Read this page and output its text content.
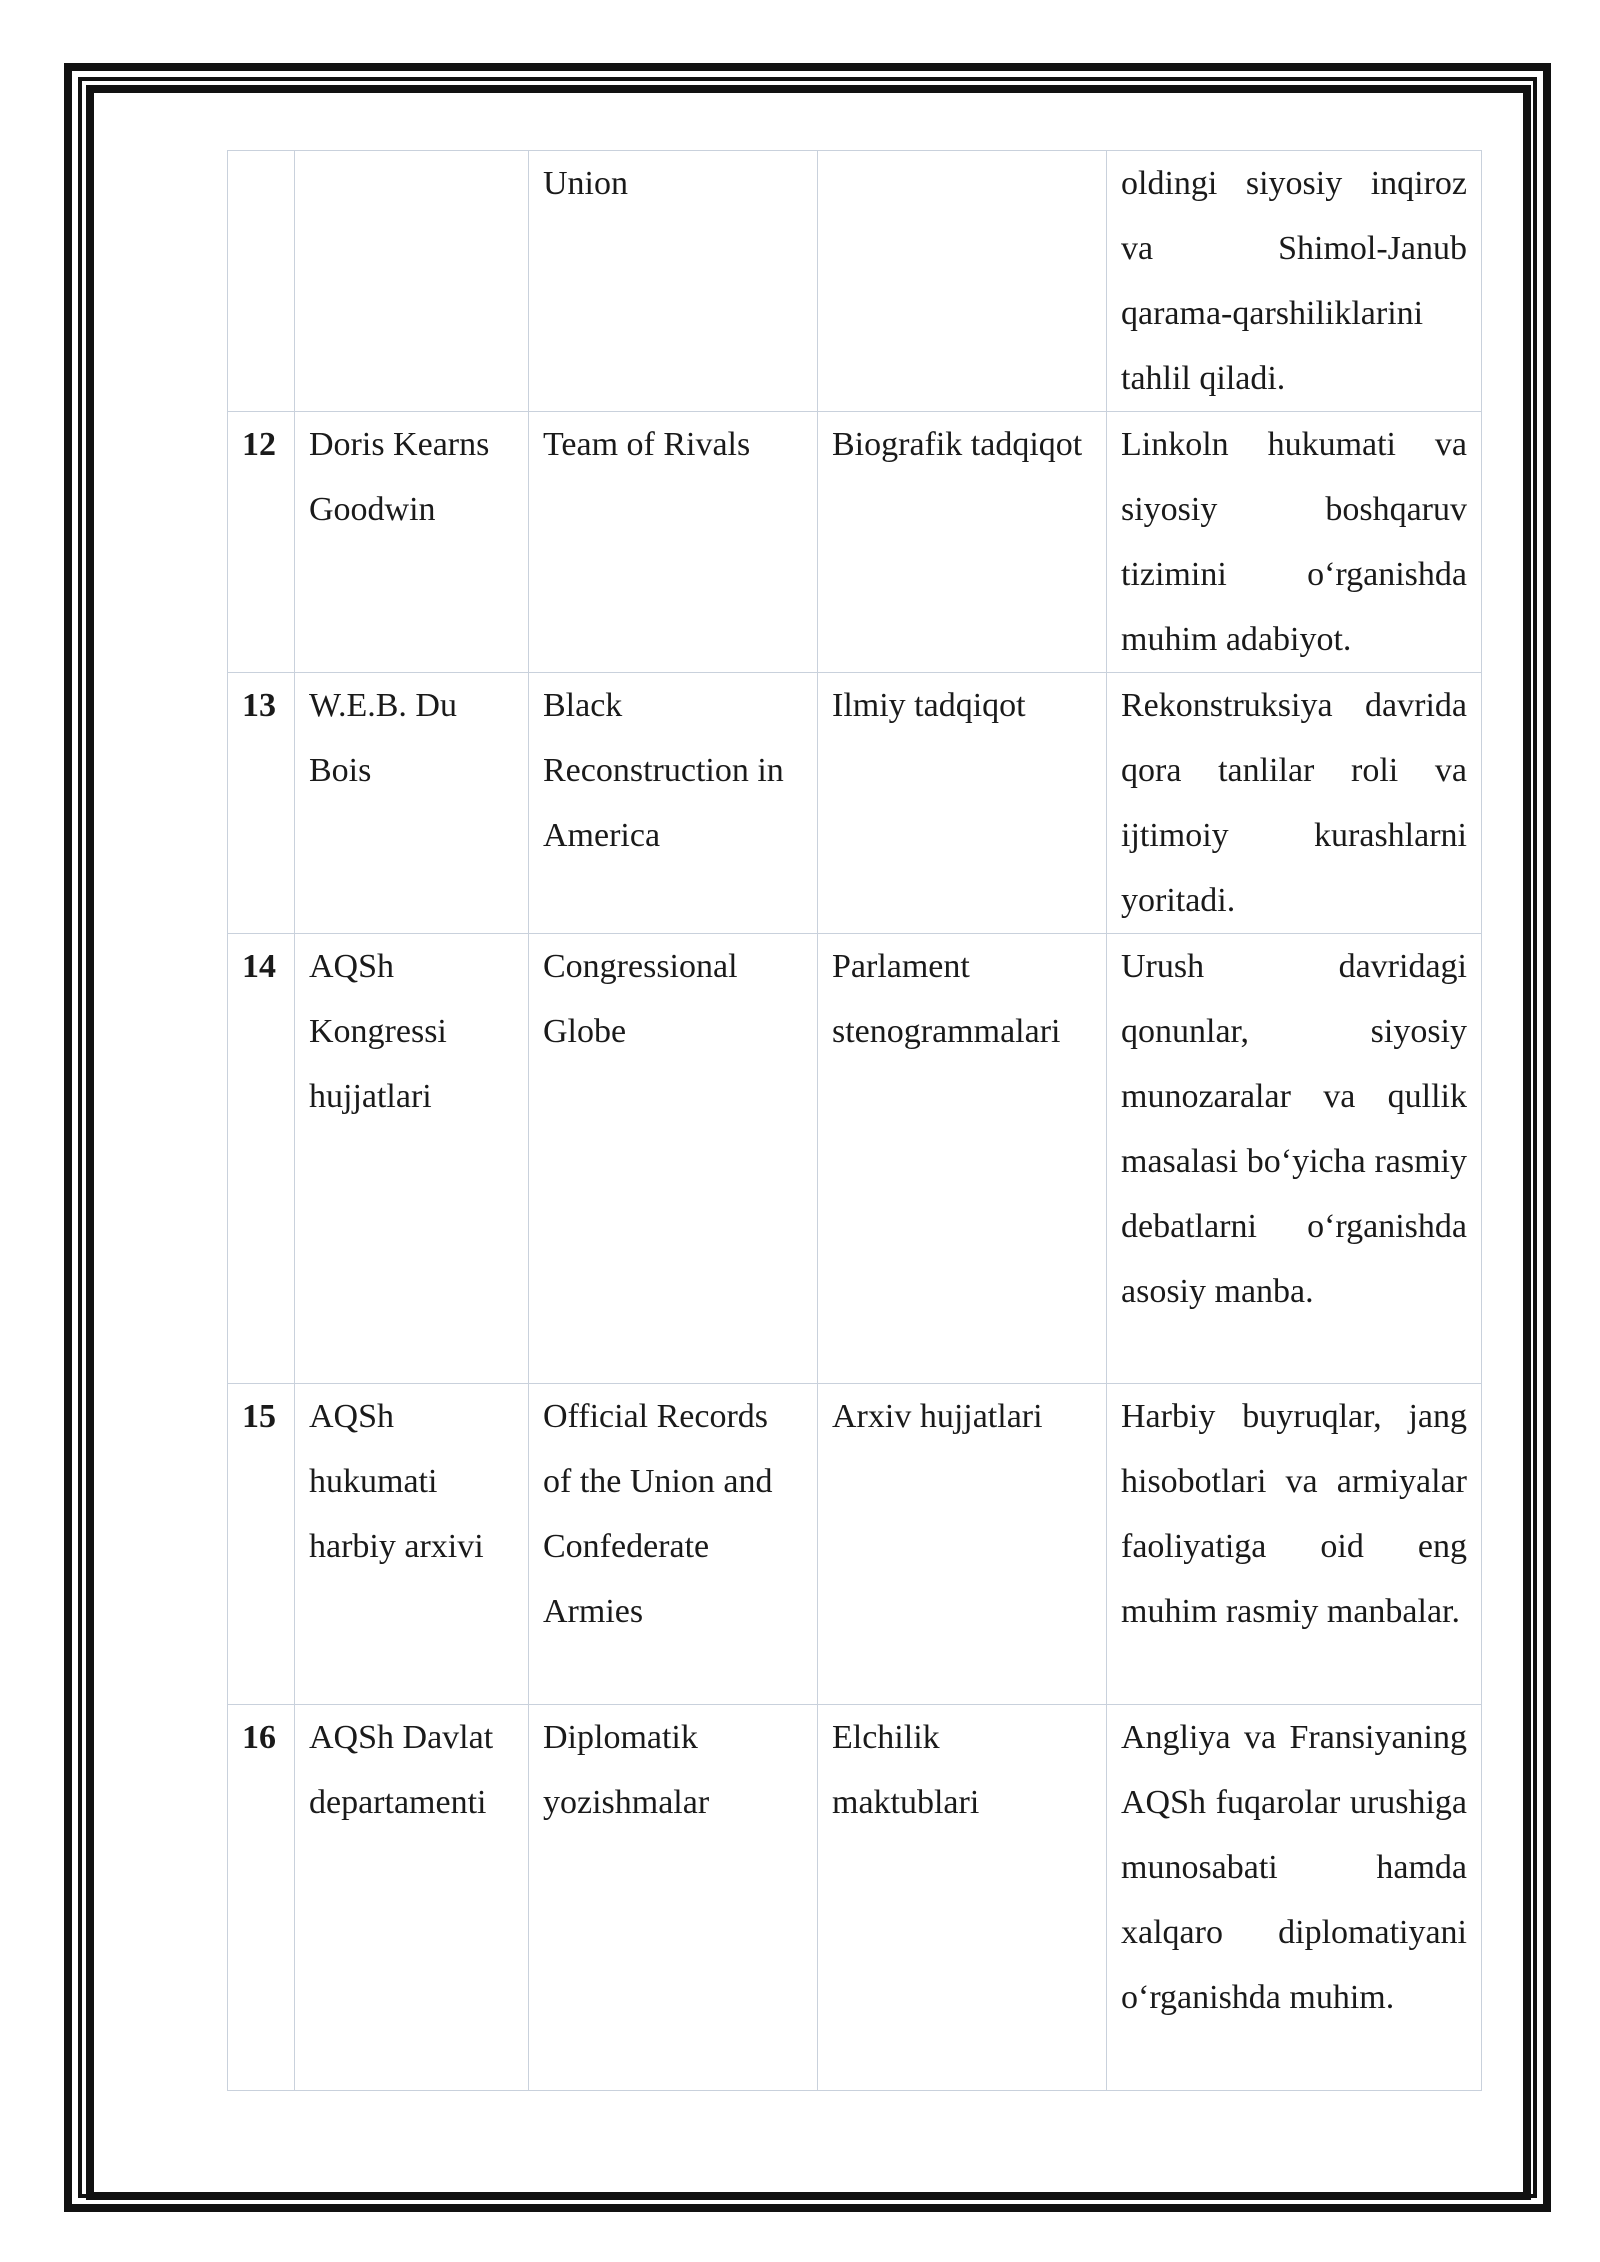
		Union		oldingi siyosiy inqiroz va Shimol-Janub qarama-qarshiliklarini tahlil qiladi.
12	Doris Kearns Goodwin	Team of Rivals	Biografik tadqiqot	Linkoln hukumati va siyosiy boshqaruv tizimini o‘rganishda muhim adabiyot.
13	W.E.B. Du Bois	Black Reconstruction in America	Ilmiy tadqiqot	Rekonstruksiya davrida qora tanlilar roli va ijtimoiy kurashlarni yoritadi.
14	AQSh Kongressi hujjatlari	Congressional Globe	Parlament stenogrammalari	Urush davridagi qonunlar, siyosiy munozaralar va qullik masalasi bo‘yicha rasmiy debatlarni o‘rganishda asosiy manba.
15	AQSh hukumati harbiy arxivi	Official Records of the Union and Confederate Armies	Arxiv hujjatlari	Harbiy buyruqlar, jang hisobotlari va armiyalar faoliyatiga oid eng muhim rasmiy manbalar.
16	AQSh Davlat departamenti	Diplomatik yozishmalar	Elchilik maktublari	Angliya va Fransiyaning AQSh fuqarolar urushiga munosabati hamda xalqaro diplomatiyani o‘rganishda muhim.
